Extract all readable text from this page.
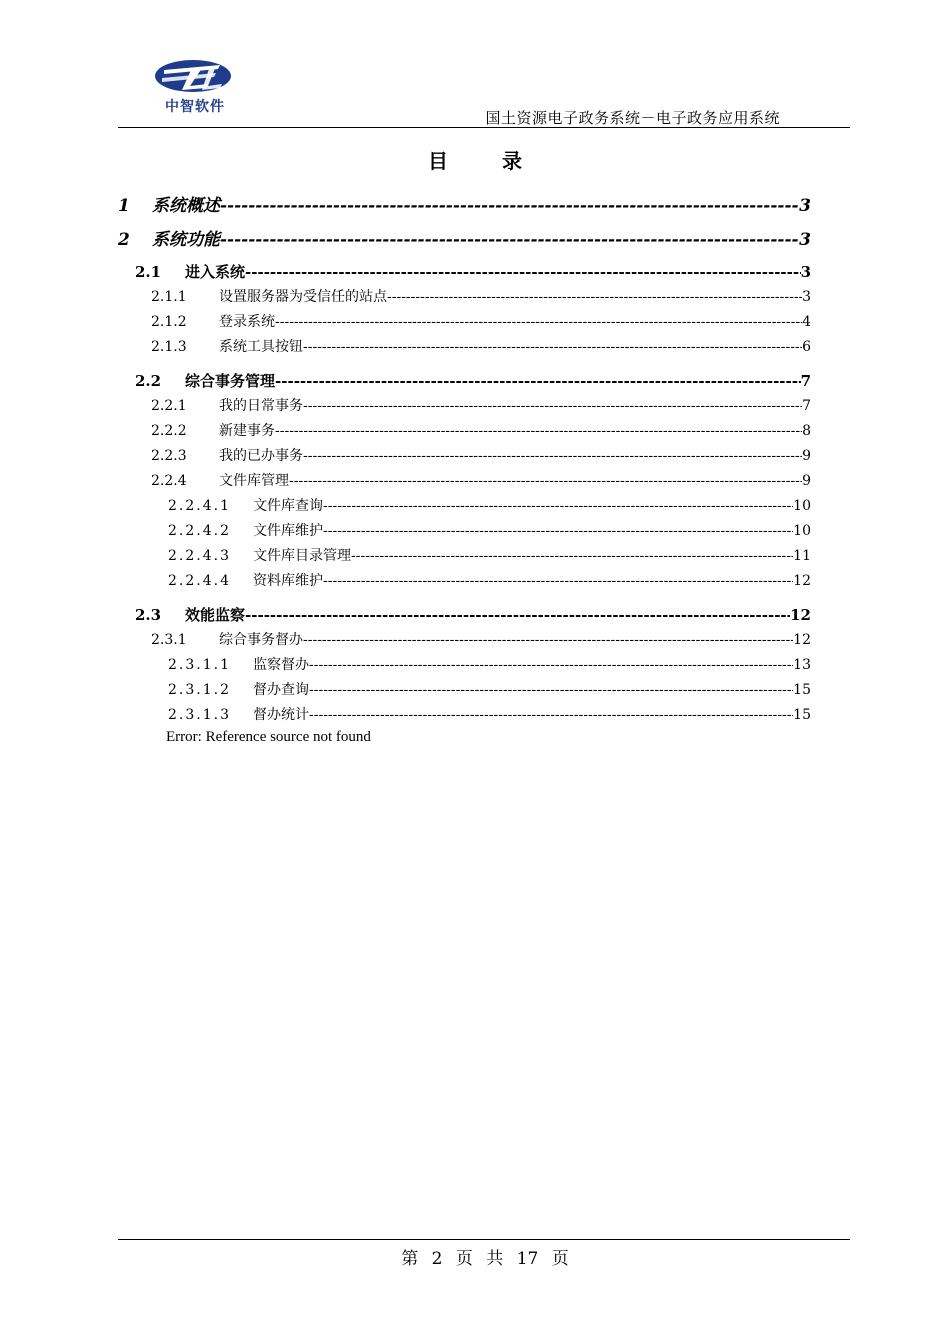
中智软件
国土资源电子政务系统－电子政务应用系统
目	录
1	系统概述 -----	3
2	系统功能 -----	3
2.1	进入系统 -----	3
2.1.1	设置服务器为受信任的站点 -----	3
2.1.2	登录系统 -----	4
2.1.3	系统工具按钮 -----	6
2.2	综合事务管理 -----	7
2.2.1	我的日常事务 -----	7
2.2.2	新建事务 -----	8
2.2.3	我的已办事务 -----	9
2.2.4	文件库管理 -----	9
2.2.4.1	文件库查询 -----	10
2.2.4.2	文件库维护 -----	10
2.2.4.3	文件库目录管理 -----	11
2.2.4.4	资料库维护 -----	12
2.3	效能监察 -----	12
2.3.1	综合事务督办 -----	12
2.3.1.1	监察督办 -----	13
2.3.1.2	督办查询 -----	15
2.3.1.3	督办统计 -----	15
Error: Reference source not found
第 2 页 共 17 页
